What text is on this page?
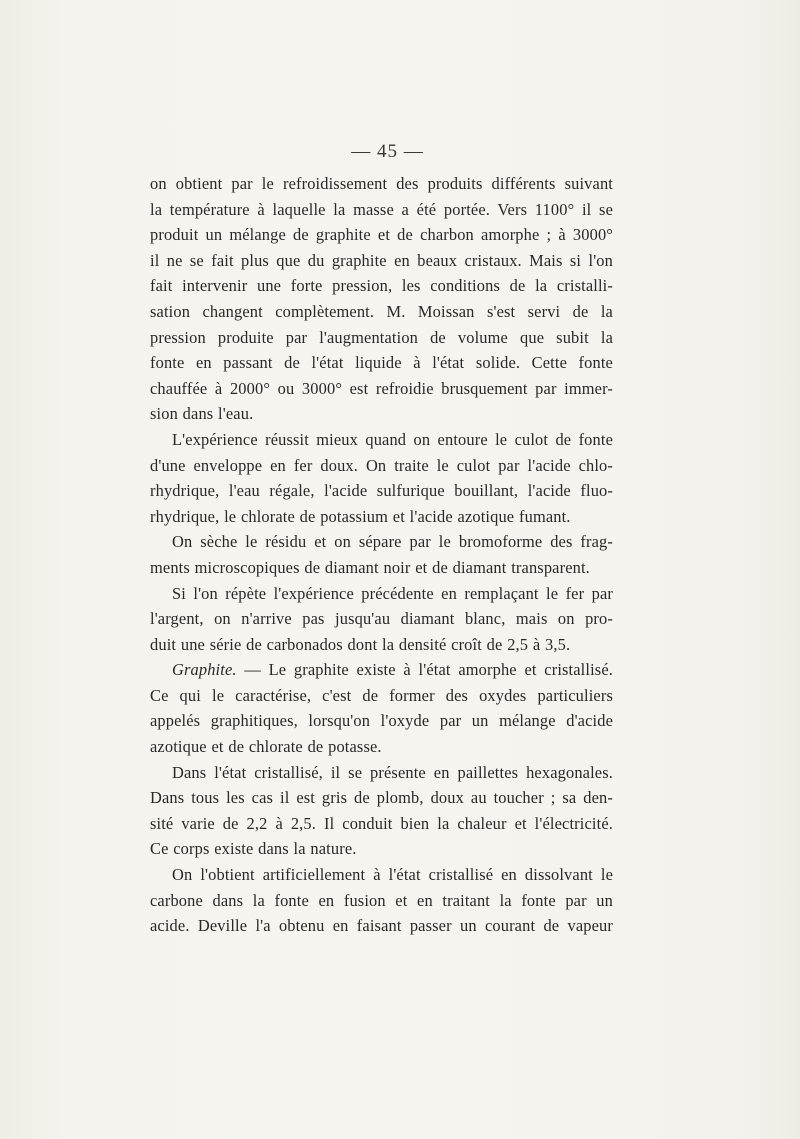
— 45 —

on obtient par le refroidissement des produits différents suivant

la température à laquelle la masse a été portée. Vers 1100° il se

produit un mélange de graphite et de charbon amorphe ; à 3000°

il ne se fait plus que du graphite en beaux cristaux. Mais si l'on

fait intervenir une forte pression, les conditions de la cristalli-

sation changent complètement. M. Moissan s'est servi de la

pression produite par l'augmentation de volume que subit la

fonte en passant de l'état liquide à l'état solide. Cette fonte

chauffée à 2000° ou 3000° est refroidie brusquement par immer-

sion dans l'eau.

L'expérience réussit mieux quand on entoure le culot de fonte

d'une enveloppe en fer doux. On traite le culot par l'acide chlo-

rhydrique, l'eau régale, l'acide sulfurique bouillant, l'acide fluo-

rhydrique, le chlorate de potassium et l'acide azotique fumant.

On sèche le résidu et on sépare par le bromoforme des frag-

ments microscopiques de diamant noir et de diamant transparent.

Si l'on répète l'expérience précédente en remplaçant le fer par

l'argent, on n'arrive pas jusqu'au diamant blanc, mais on pro-

duit une série de carbonados dont la densité croît de 2,5 à 3,5.

Graphite. — Le graphite existe à l'état amorphe et cristallisé.

Ce qui le caractérise, c'est de former des oxydes particuliers

appelés graphitiques, lorsqu'on l'oxyde par un mélange d'acide

azotique et de chlorate de potasse.

Dans l'état cristallisé, il se présente en paillettes hexagonales.

Dans tous les cas il est gris de plomb, doux au toucher ; sa den-

sité varie de 2,2 à 2,5. Il conduit bien la chaleur et l'électricité.

Ce corps existe dans la nature.

On l'obtient artificiellement à l'état cristallisé en dissolvant le

carbone dans la fonte en fusion et en traitant la fonte par un

acide. Deville l'a obtenu en faisant passer un courant de vapeur
